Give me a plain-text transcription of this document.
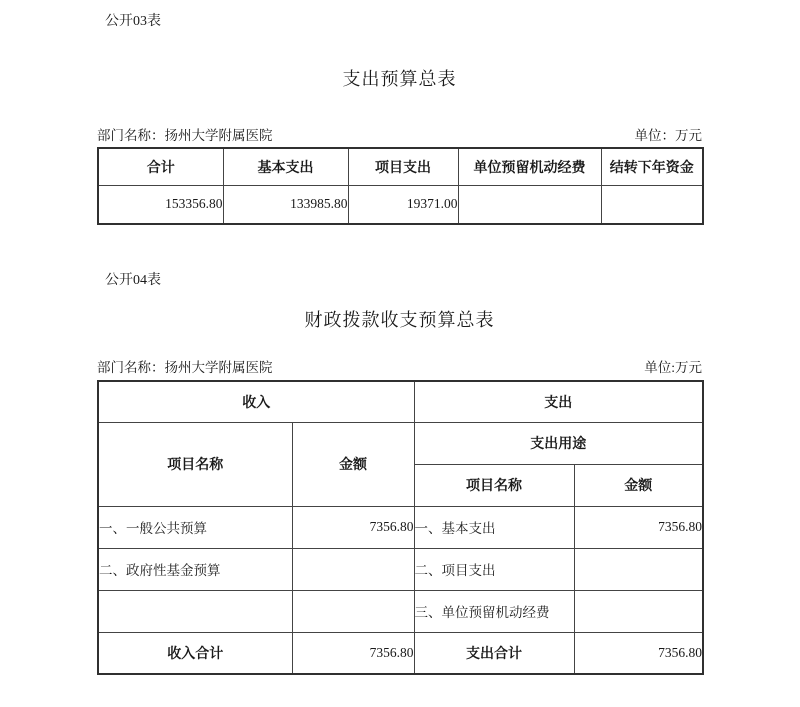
公开03表
支出预算总表
部门名称：扬州大学附属医院	单位：万元
合计	基本支出	项目支出	单位预留机动经费	结转下年资金
153356.80	133985.80	19371.00		
公开04表
财政拨款收支预算总表
部门名称：扬州大学附属医院	单位:万元
收入		支出	
项目名称	金额	支出用途	
		项目名称	金额
一、一般公共预算	7356.80	一、基本支出	7356.80
二、政府性基金预算		二、项目支出	
		三、单位预留机动经费	
收入合计	7356.80	支出合计	7356.80
